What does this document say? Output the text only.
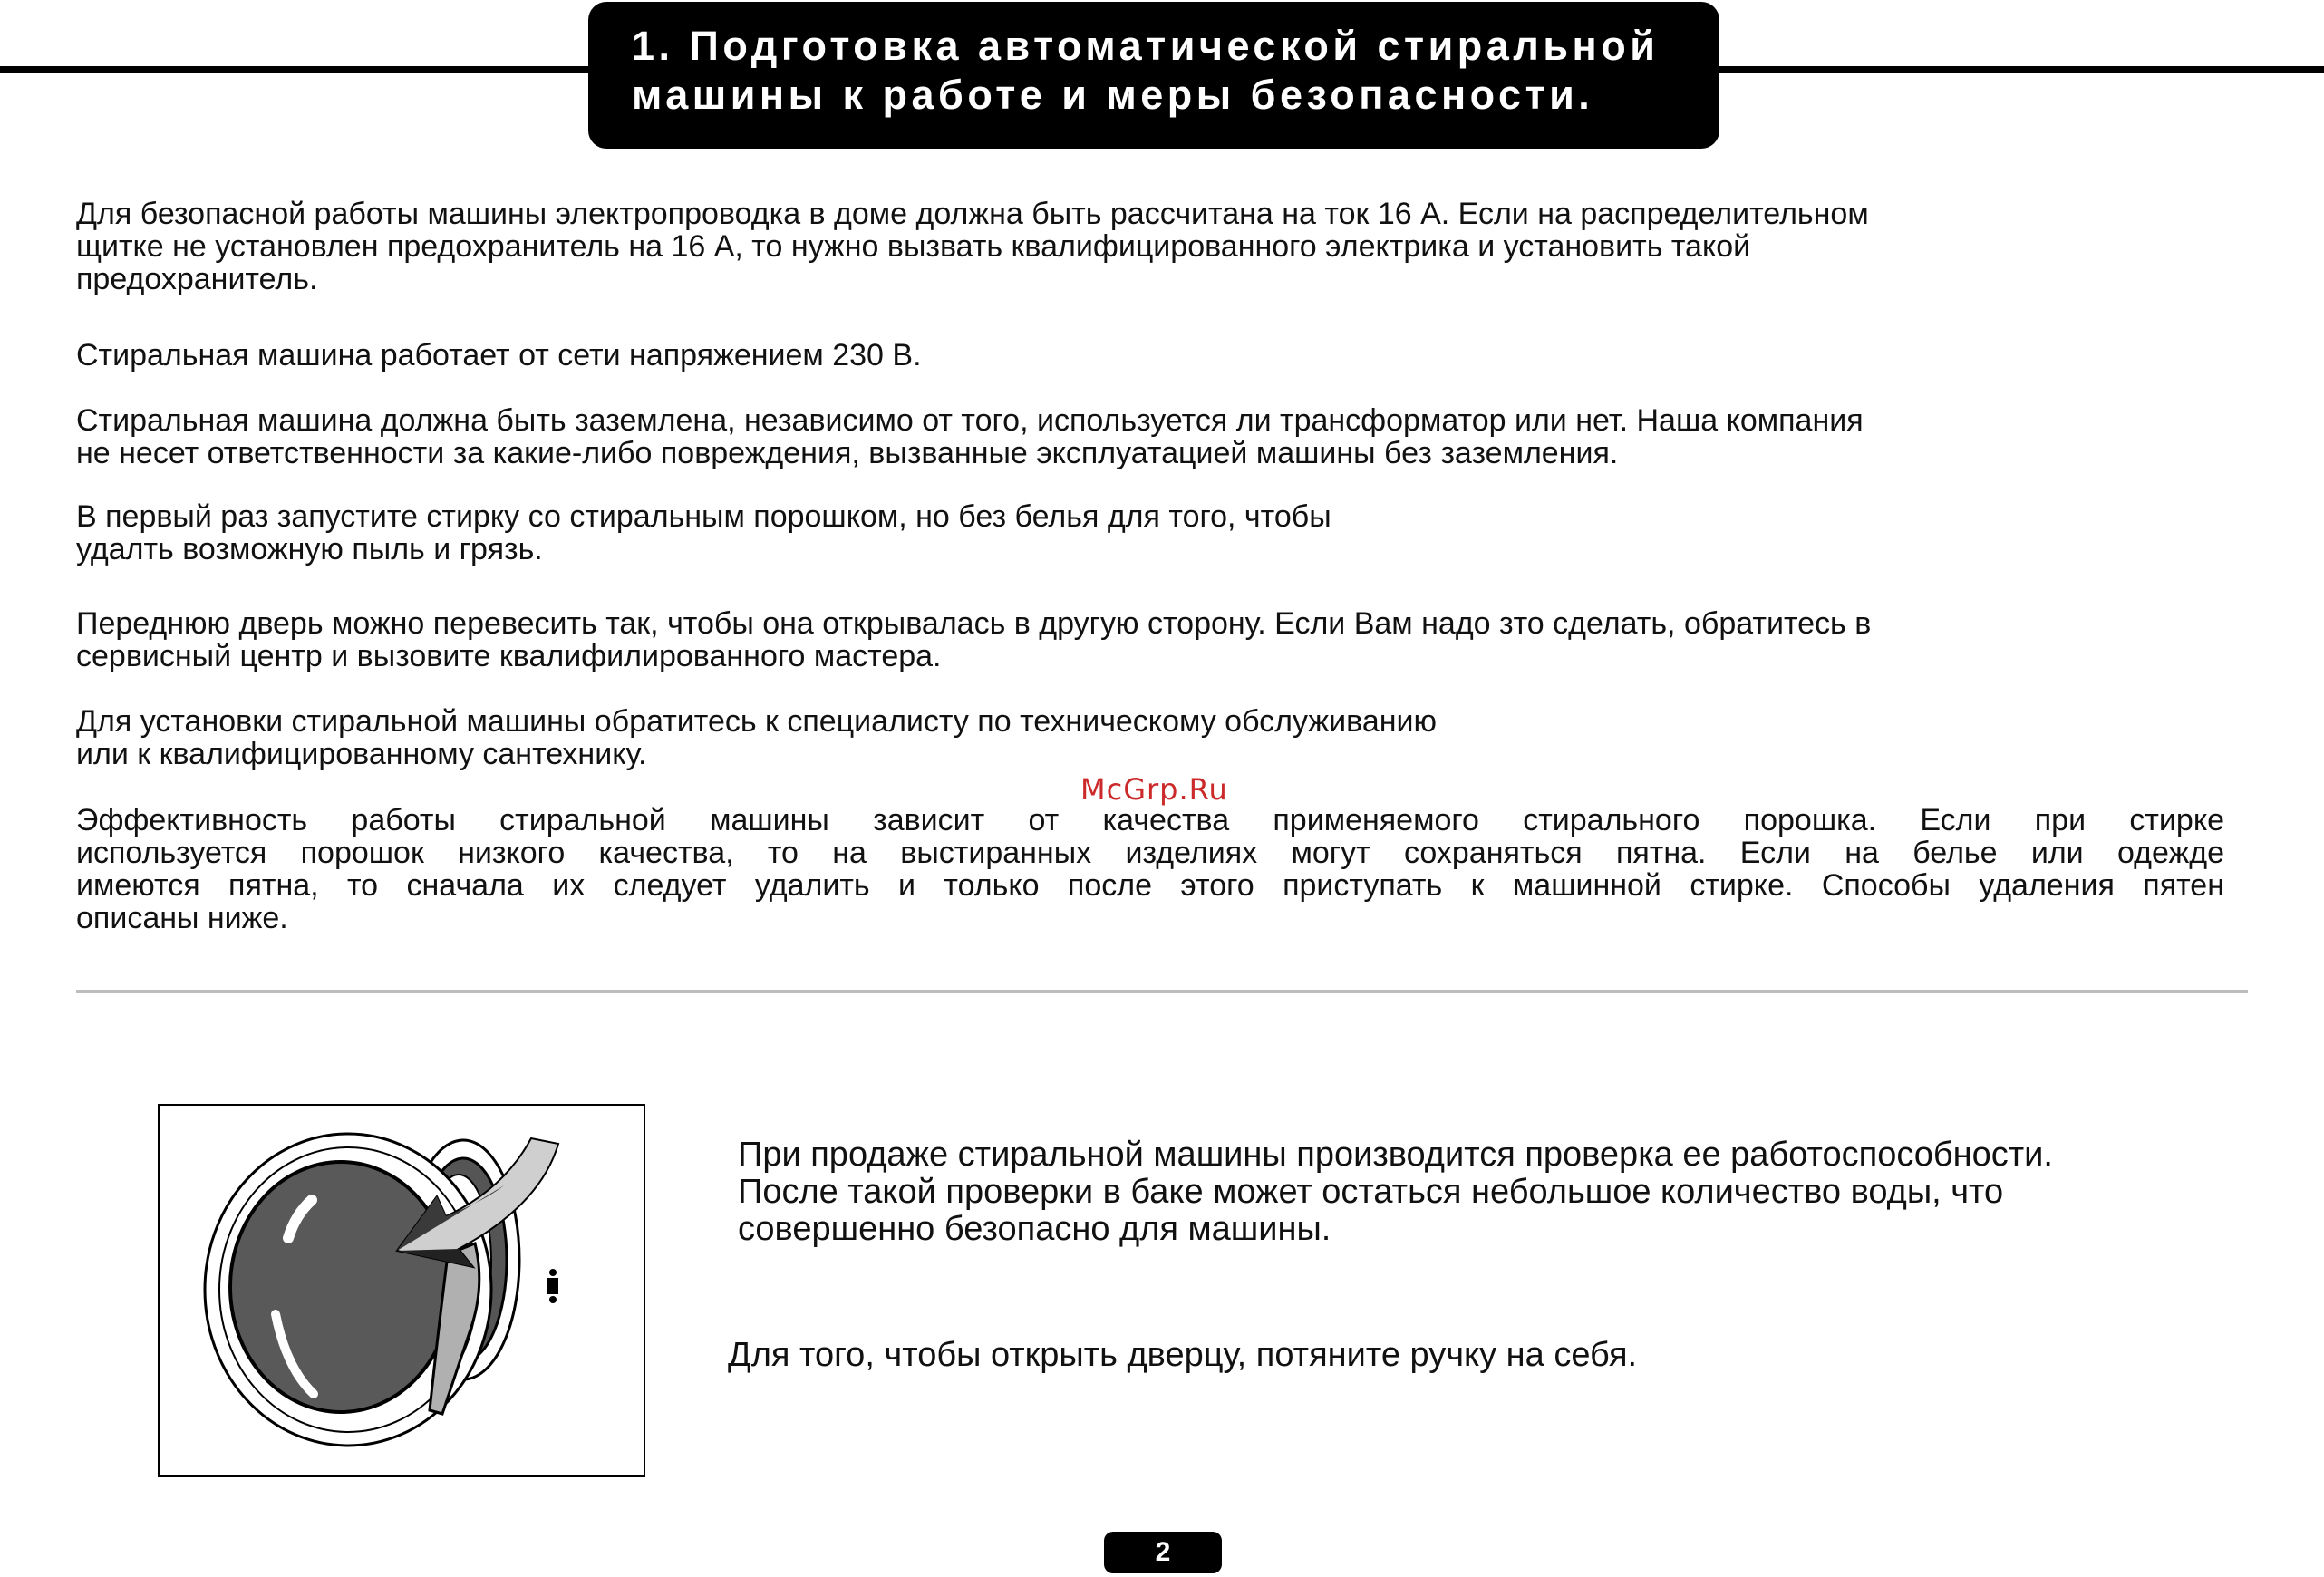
1. Подготовка автоматической стиральной
машины к работе и меры безопасности.
Для безопасной работы машины электропроводка в доме должна быть рассчитана на ток 16 А. Если на распределительном
щитке не установлен предохранитель на 16 А, то нужно вызвать квалифицированного электрика и установить такой
предохранитель.
Стиральная машина работает от сети напряжением 230 В.
Стиральная машина должна быть заземлена, независимо от того, используется ли трансформатор или нет. Наша компания
не несет ответственности за какие-либо повреждения, вызванные эксплуатацией машины без заземления.
В первый раз запустите стирку со стиральным порошком, но без белья для того, чтобы
удалть возможную пыль и грязь.
Переднюю дверь можно перевесить так, чтобы она открывалась в другую сторону. Если Вам надо зто сделать, обратитесь в
сервисный центр и вызовите квалифилированного мастера.
Для установки стиральной машины обратитесь к специалисту по техническому обслуживанию
или к квалифицированному сантехнику.
McGrp.Ru
Эффективность работы стиральной машины зависит от качества применяемого стирального порошка. Если при стирке
используется порошок низкого качества, то на выстиранных изделиях могут сохраняться пятна. Если на белье или одежде
имеются пятна, то сначала их следует удалить и только после этого приступать к машинной стирке. Способы удаления пятен
описаны ниже.
При продаже стиральной машины производится проверка ее работоспособности.
После такой проверки в баке может остаться небольшое количество воды, что
совершенно безопасно для машины.
Для того, чтобы открыть дверцу, потяните ручку на себя.
2
